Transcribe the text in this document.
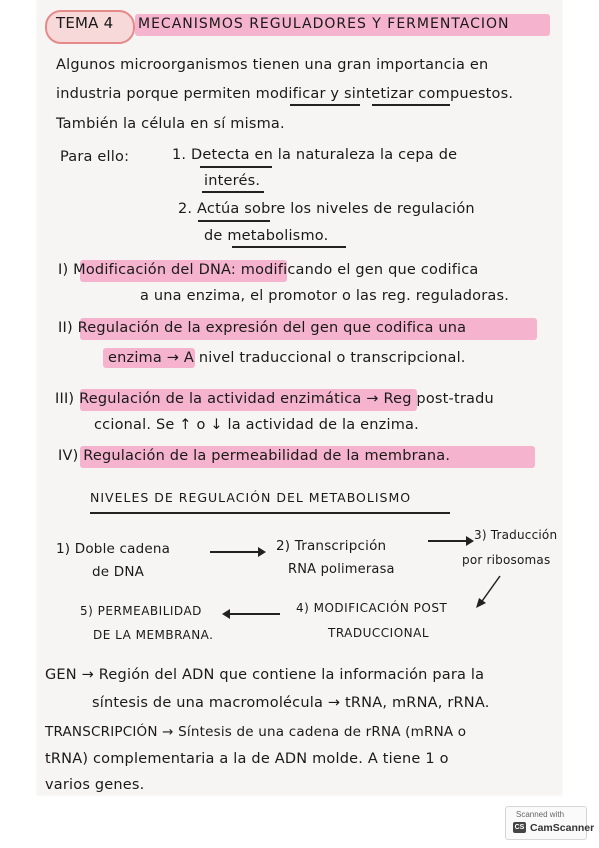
TEMA 4 MECANISMOS REGULADORES Y FERMENTACION
Algunos microorganismos tienen una gran importancia en
industria porque permiten modificar y sintetizar compuestos.
También la célula en sí misma.
Para ello:	1. Detecta en la naturaleza la cepa de
interés.
2. Actúa sobre los niveles de regulación
de metabolismo.
I) Modificación del DNA: modificando el gen que codifica
a una enzima, el promotor o las reg. reguladoras.
II) Regulación de la expresión del gen que codifica una
enzima → A nivel traduccional o transcripcional.
III) Regulación de la actividad enzimática → Reg post-tradu
ccional. Se ↑ o ↓ la actividad de la enzima.
IV) Regulación de la permeabilidad de la membrana.
NIVELES DE REGULACIÓN DEL METABOLISMO
1) Doble cadena
de DNA
2) Transcripción
RNA polimerasa
3) Traducción
por ribosomas
4) MODIFICACIÓN POST
TRADUCCIONAL
5) PERMEABILIDAD
DE LA MEMBRANA.
GEN → Región del ADN que contiene la información para la
síntesis de una macromolécula → tRNA, mRNA, rRNA.
TRANSCRIPCIÓN → Síntesis de una cadena de rRNA (mRNA o
tRNA) complementaria a la de ADN molde. A tiene 1 o
varios genes.
Scanned with
CS CamScanner
